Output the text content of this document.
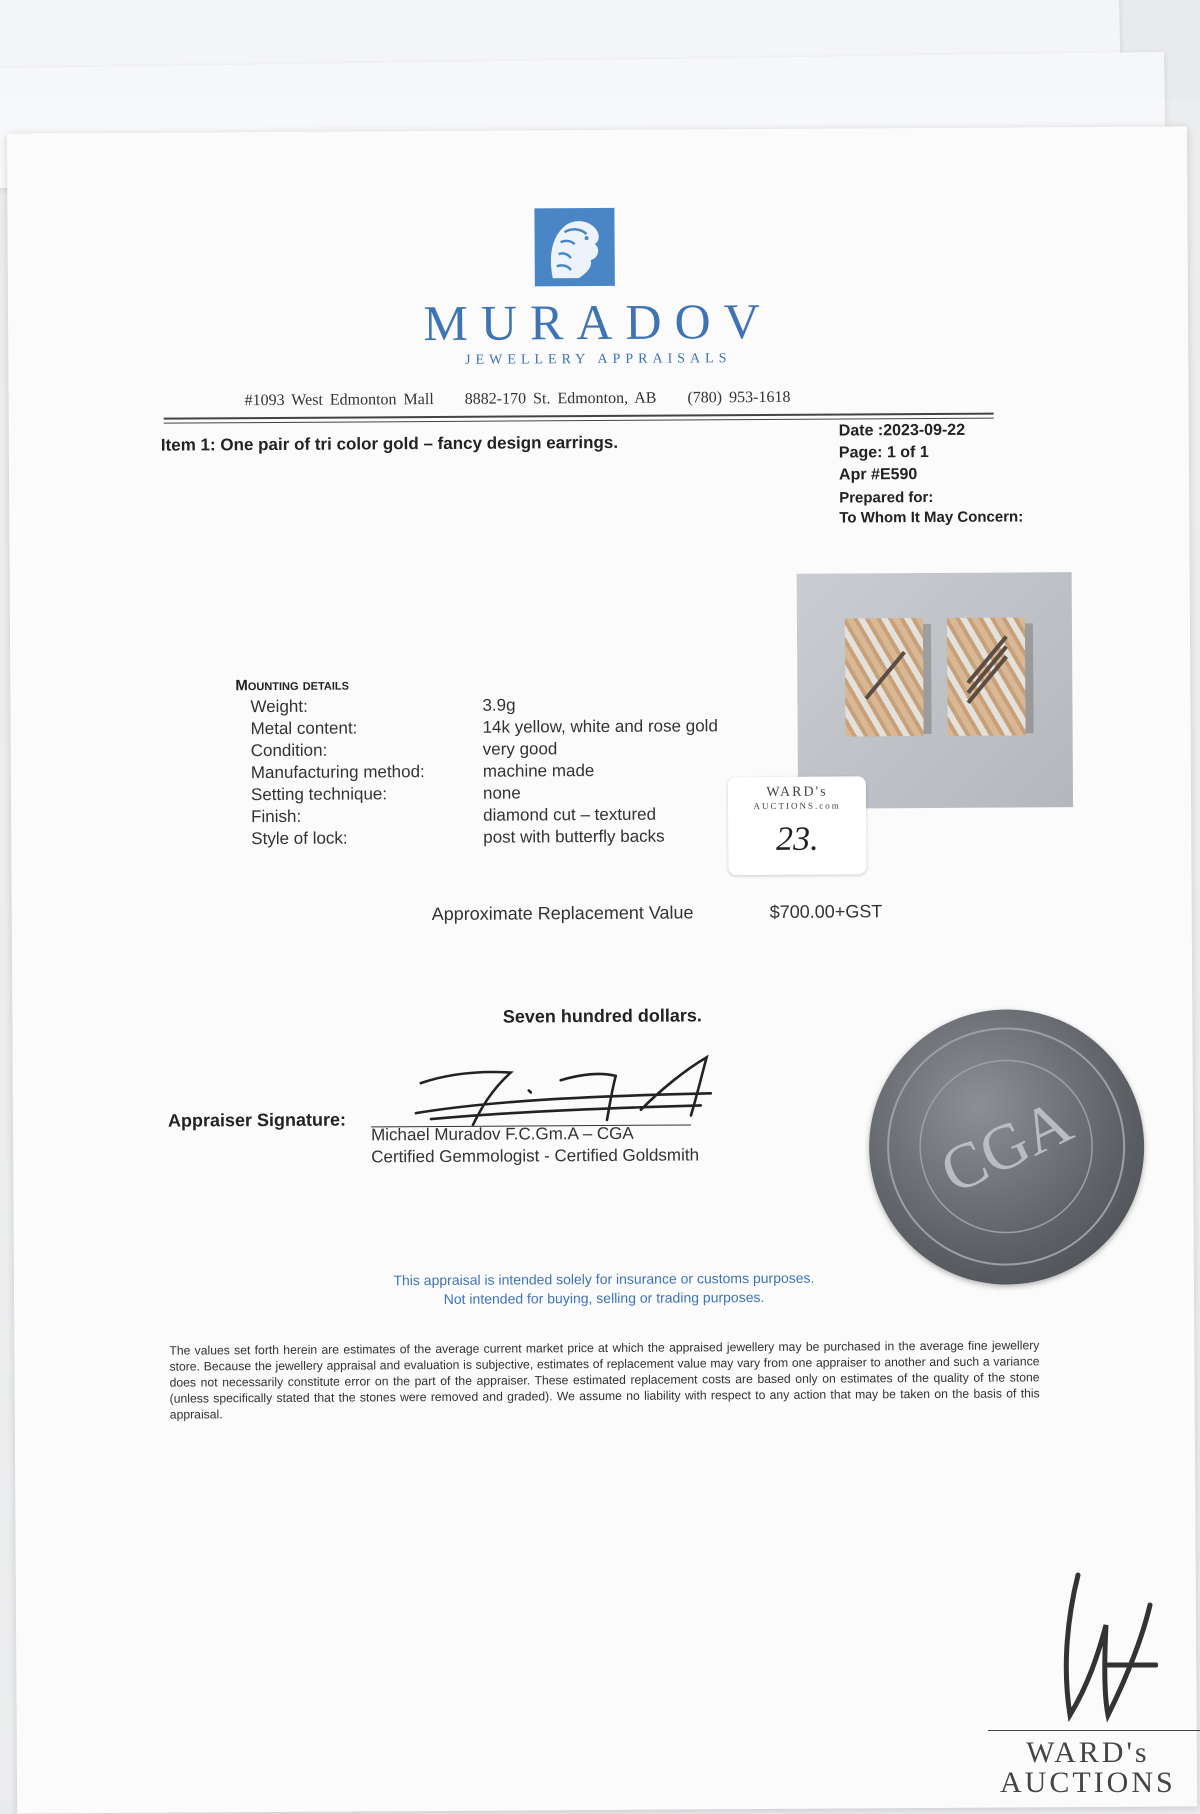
MURADOV
JEWELLERY APPRAISALS
#1093 West Edmonton Mall 8882-170 St. Edmonton, AB (780) 953-1618
Item 1: One pair of tri color gold – fancy design earrings.
Date :2023-09-22
Page: 1 of 1
Apr #E590
Prepared for:
To Whom It May Concern:
Mounting details
Weight:	3.9g
Metal content:	14k yellow, white and rose gold
Condition:	very good
Manufacturing method:	machine made
Setting technique:	none
Finish:	diamond cut – textured
Style of lock:	post with butterfly backs
WARD's
AUCTIONS.com
23.
Approximate Replacement Value	$700.00+GST
Seven hundred dollars.
Appraiser Signature:
Michael Muradov F.C.Gm.A – CGA
Certified Gemmologist - Certified Goldsmith	CGA
This appraisal is intended solely for insurance or customs purposes.
Not intended for buying, selling or trading purposes.
The values set forth herein are estimates of the average current market price at which the appraised jewellery may be purchased in the average fine jewellery store. Because the jewellery appraisal and evaluation is subjective, estimates of replacement value may vary from one appraiser to another and such a variance does not necessarily constitute error on the part of the appraiser. These estimated replacement costs are based only on estimates of the quality of the stone (unless specifically stated that the stones were removed and graded). We assume no liability with respect to any action that may be taken on the basis of this appraisal.
WARD's
AUCTIONS
